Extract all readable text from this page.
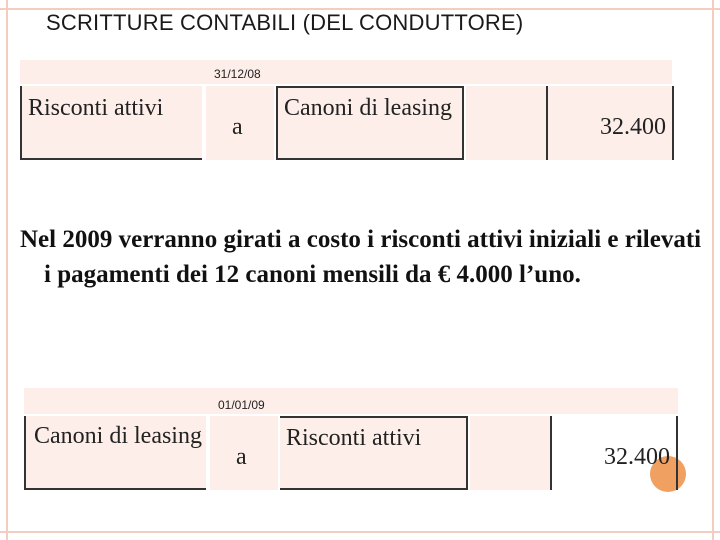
SCRITTURE CONTABILI (DEL CONDUTTORE)
31/12/08
Risconti attivi
a
Canoni di leasing
32.400
Nel 2009 verranno girati a costo i risconti attivi iniziali e rilevati i pagamenti dei 12 canoni mensili da € 4.000 l’uno.
01/01/09
Canoni di leasing
a
Risconti attivi
32.400
